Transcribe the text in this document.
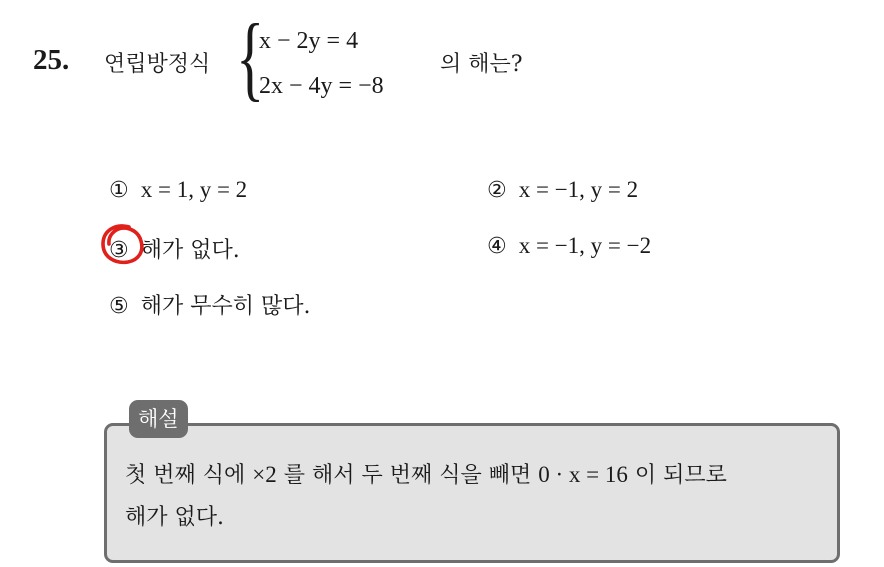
25. 연립방정식 {
x − 2y = 4
2x − 4y = −8
의 해는?
① x = 1, y = 2	② x = −1, y = 2
③ 해가 없다.	④ x = −1, y = −2
⑤ 해가 무수히 많다.
해설
첫 번째 식에 ×2 를 해서 두 번째 식을 빼면 0 · x = 16 이 되므로
해가 없다.
